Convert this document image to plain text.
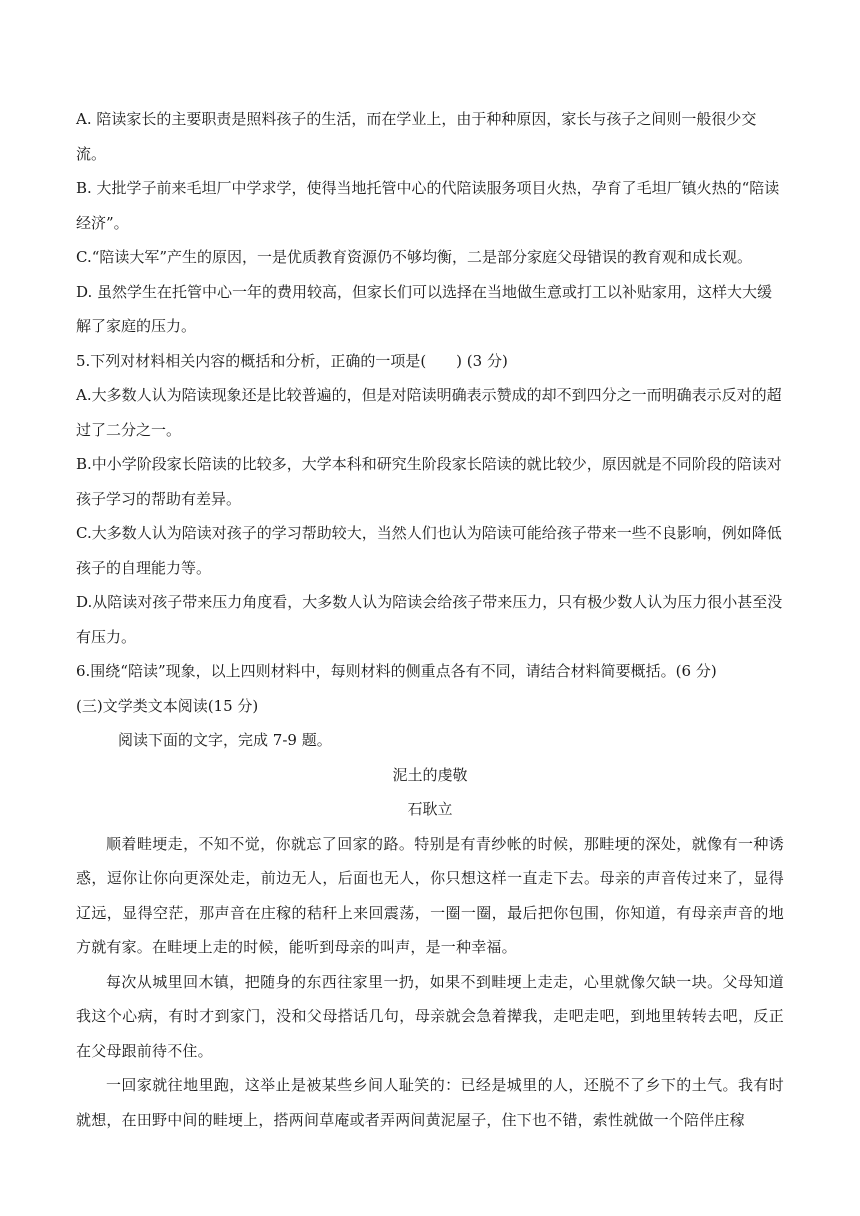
A. 陪读家长的主要职责是照料孩子的生活，而在学业上，由于种种原因，家长与孩子之间则一般很少交流。

B. 大批学子前来毛坦厂中学求学，使得当地托管中心的代陪读服务项目火热，孕育了毛坦厂镇火热的“陪读经济”。

C.“陪读大军”产生的原因，一是优质教育资源仍不够均衡，二是部分家庭父母错误的教育观和成长观。

D. 虽然学生在托管中心一年的费用较高，但家长们可以选择在当地做生意或打工以补贴家用，这样大大缓解了家庭的压力。

5.下列对材料相关内容的概括和分析，正确的一项是(　　) (3 分)

A.大多数人认为陪读现象还是比较普遍的，但是对陪读明确表示赞成的却不到四分之一而明确表示反对的超过了二分之一。

B.中小学阶段家长陪读的比较多，大学本科和研究生阶段家长陪读的就比较少，原因就是不同阶段的陪读对孩子学习的帮助有差异。

C.大多数人认为陪读对孩子的学习帮助较大，当然人们也认为陪读可能给孩子带来一些不良影响，例如降低孩子的自理能力等。

D.从陪读对孩子带来压力角度看，大多数人认为陪读会给孩子带来压力，只有极少数人认为压力很小甚至没有压力。

6.围绕“陪读”现象，以上四则材料中，每则材料的侧重点各有不同，请结合材料简要概括。(6 分)

(三)文学类文本阅读(15 分)

阅读下面的文字，完成 7-9 题。

泥土的虔敬

石耿立

顺着畦埂走，不知不觉，你就忘了回家的路。特别是有青纱帐的时候，那畦埂的深处，就像有一种诱惑，逗你让你向更深处走，前边无人，后面也无人，你只想这样一直走下去。母亲的声音传过来了，显得辽远，显得空茫，那声音在庄稼的秸秆上来回震荡，一圈一圈，最后把你包围，你知道，有母亲声音的地方就有家。在畦埂上走的时候，能听到母亲的叫声，是一种幸福。

每次从城里回木镇，把随身的东西往家里一扔，如果不到畦埂上走走，心里就像欠缺一块。父母知道我这个心病，有时才到家门，没和父母搭话几句，母亲就会急着撵我，走吧走吧，到地里转转去吧，反正在父母跟前待不住。

一回家就往地里跑，这举止是被某些乡间人耻笑的：已经是城里的人，还脱不了乡下的土气。我有时就想，在田野中间的畦埂上，搭两间草庵或者弄两间黄泥屋子，住下也不错，索性就做一个陪伴庄稼
